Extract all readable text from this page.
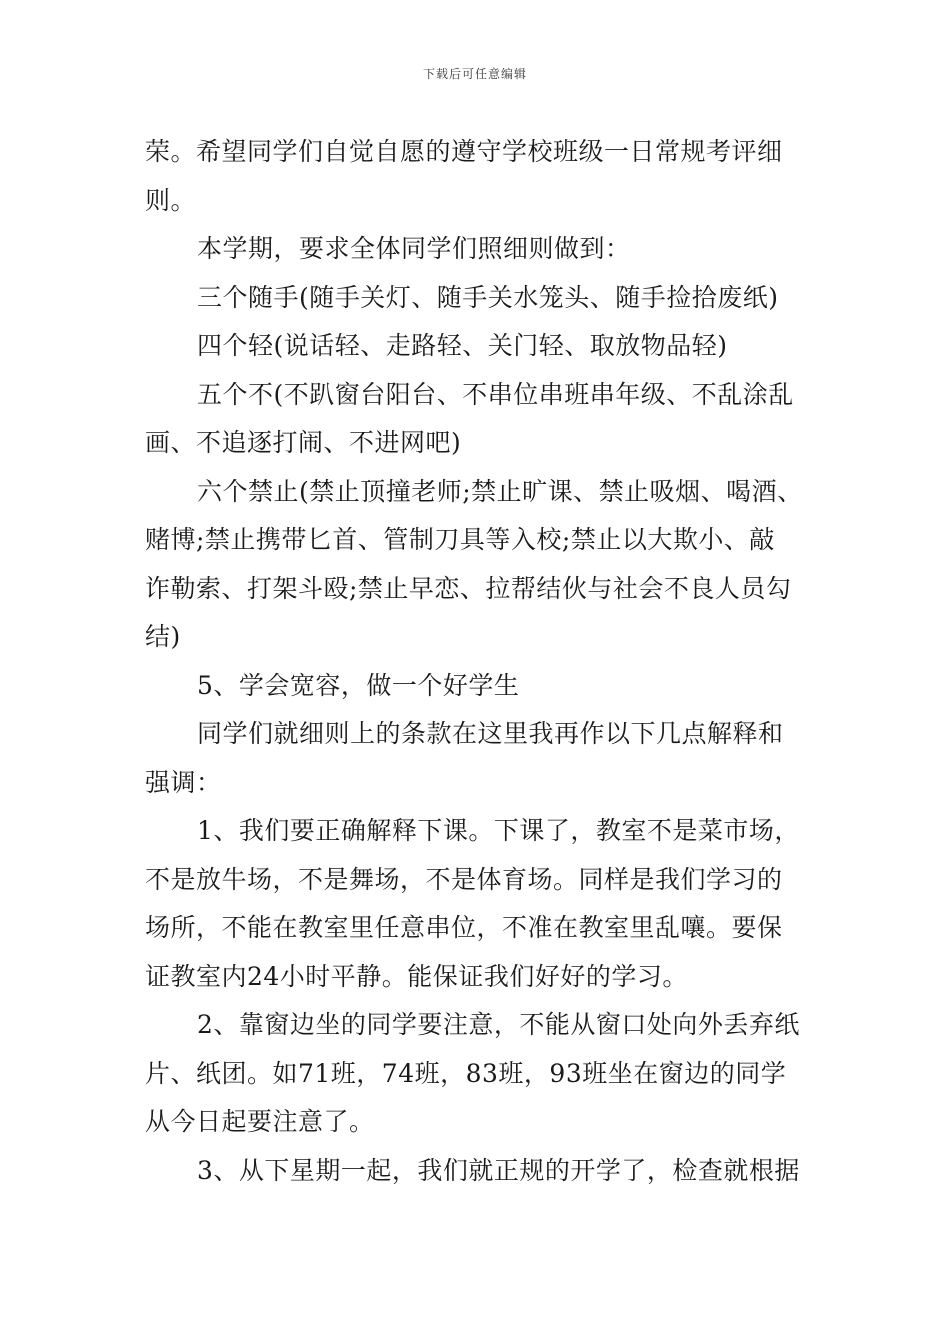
下载后可任意编辑
荣。希望同学们自觉自愿的遵守学校班级一日常规考评细
则。
本学期，要求全体同学们照细则做到：
三个随手(随手关灯、随手关水笼头、随手捡拾废纸)
四个轻(说话轻、走路轻、关门轻、取放物品轻)
五个不(不趴窗台阳台、不串位串班串年级、不乱涂乱
画、不追逐打闹、不进网吧)
六个禁止(禁止顶撞老师;禁止旷课、禁止吸烟、喝酒、
赌博;禁止携带匕首、管制刀具等入校;禁止以大欺小、敲
诈勒索、打架斗殴;禁止早恋、拉帮结伙与社会不良人员勾
结)
5、学会宽容，做一个好学生
同学们就细则上的条款在这里我再作以下几点解释和
强调：
1、我们要正确解释下课。下课了，教室不是菜市场，
不是放牛场，不是舞场，不是体育场。同样是我们学习的
场所，不能在教室里任意串位，不准在教室里乱嚷。要保
证教室内24小时平静。能保证我们好好的学习。
2、靠窗边坐的同学要注意，不能从窗口处向外丢弃纸
片、纸团。如71班，74班，83班，93班坐在窗边的同学
从今日起要注意了。
3、从下星期一起，我们就正规的开学了，检查就根据
